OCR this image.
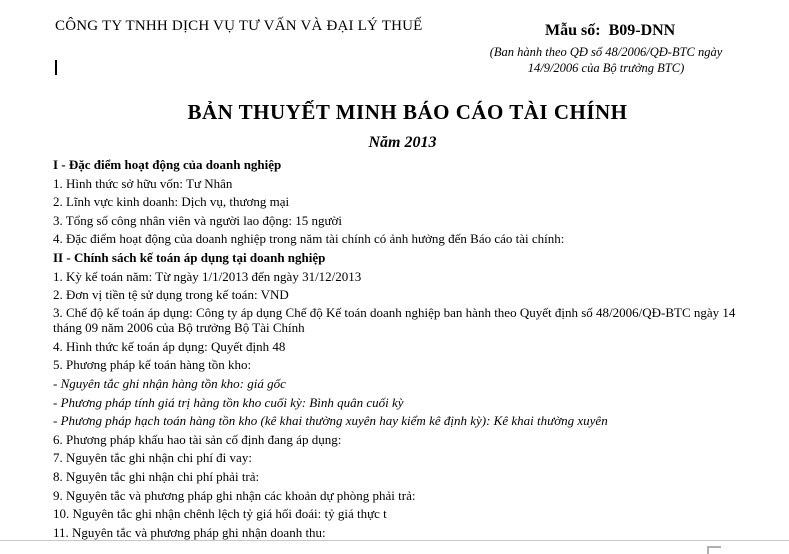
CÔNG TY TNHH DỊCH VỤ TƯ VẤN VÀ ĐẠI LÝ THUẾ	Mẫu số: B09-DNN
(Ban hành theo QĐ số 48/2006/QĐ-BTC ngày 14/9/2006 của Bộ trưởng BTC)
BẢN THUYẾT MINH BÁO CÁO TÀI CHÍNH
Năm 2013
I - Đặc điểm hoạt động của doanh nghiệp
1. Hình thức sở hữu vốn: Tư Nhân
2. Lĩnh vực kinh doanh: Dịch vụ, thương mại
3. Tổng số công nhân viên và người lao động: 15 người
4. Đặc điểm hoạt động của doanh nghiệp trong năm tài chính có ảnh hưởng đến Báo cáo tài chính:
II - Chính sách kế toán áp dụng tại doanh nghiệp
1. Kỳ kế toán năm: Từ ngày 1/1/2013 đến ngày 31/12/2013
2. Đơn vị tiền tệ sử dụng trong kế toán: VND
3. Chế độ kế toán áp dụng: Công ty áp dụng Chế độ Kế toán doanh nghiệp ban hành theo Quyết định số 48/2006/QĐ-BTC ngày 14 tháng 09 năm 2006 của Bộ trưởng Bộ Tài Chính
4. Hình thức kế toán áp dụng: Quyết định 48
5. Phương pháp kế toán hàng tồn kho:
- Nguyên tắc ghi nhận hàng tồn kho: giá gốc
- Phương pháp tính giá trị hàng tồn kho cuối kỳ: Bình quân cuối kỳ
- Phương pháp hạch toán hàng tồn kho (kê khai thường xuyên hay kiểm kê định kỳ): Kê khai thường xuyên
6. Phương pháp khấu hao tài sản cố định đang áp dụng:
7. Nguyên tắc ghi nhận chi phí đi vay:
8. Nguyên tắc ghi nhận chi phí phải trả:
9. Nguyên tắc và phương pháp ghi nhận các khoản dự phòng phải trả:
10. Nguyên tắc ghi nhận chênh lệch tỷ giá hối đoái: tỷ giá thực t
11. Nguyên tắc và phương pháp ghi nhận doanh thu:
